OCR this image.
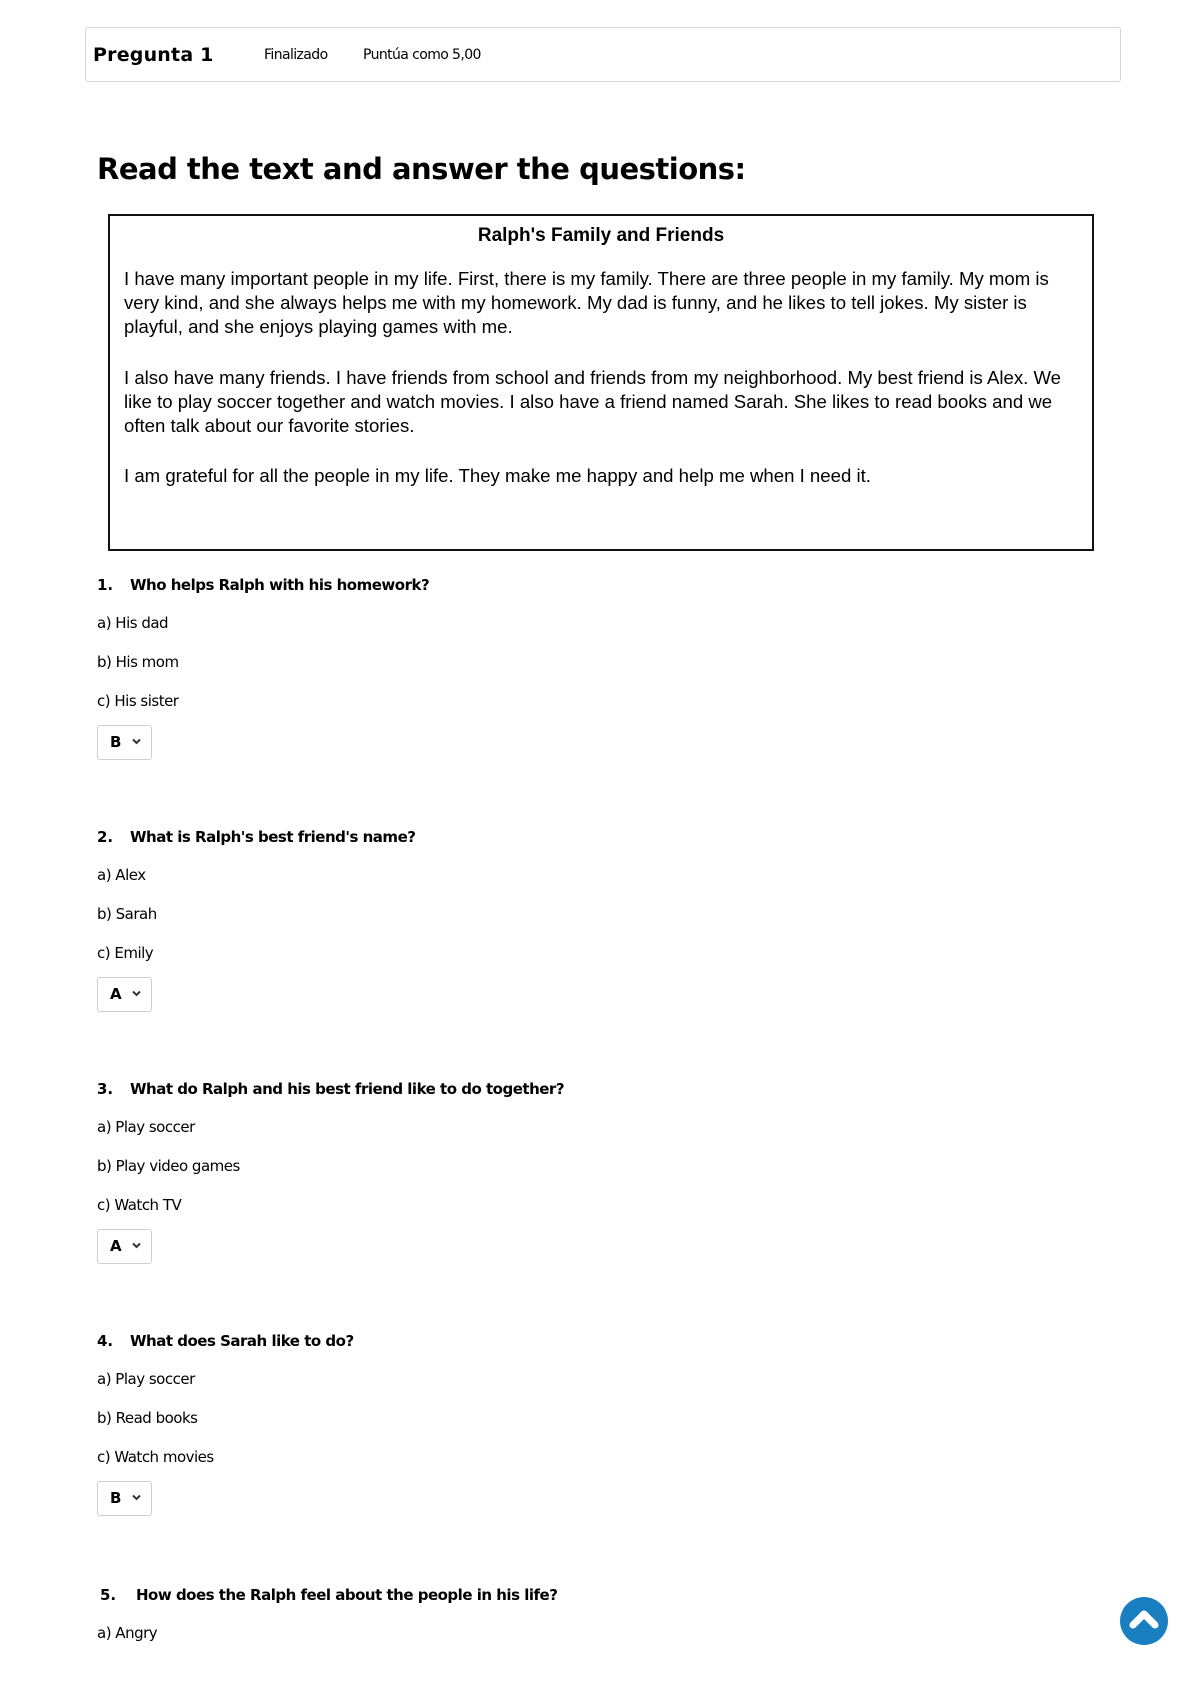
Pregunta 1	Finalizado	Puntúa como 5,00
Read the text and answer the questions:
Ralph's Family and Friends

I have many important people in my life. First, there is my family. There are three people in my family. My mom is very kind, and she always helps me with my homework. My dad is funny, and he likes to tell jokes. My sister is playful, and she enjoys playing games with me.

I also have many friends. I have friends from school and friends from my neighborhood. My best friend is Alex. We like to play soccer together and watch movies. I also have a friend named Sarah. She likes to read books and we often talk about our favorite stories.

I am grateful for all the people in my life. They make me happy and help me when I need it.

1. Who helps Ralph with his homework?
a) His dad
b) His mom
c) His sister
B
2. What is Ralph's best friend's name?
a) Alex
b) Sarah
c) Emily
A
3. What do Ralph and his best friend like to do together?
a) Play soccer
b) Play video games
c) Watch TV
A
4. What does Sarah like to do?
a) Play soccer
b) Read books
c) Watch movies
B
5. How does the Ralph feel about the people in his life?
a) Angry
